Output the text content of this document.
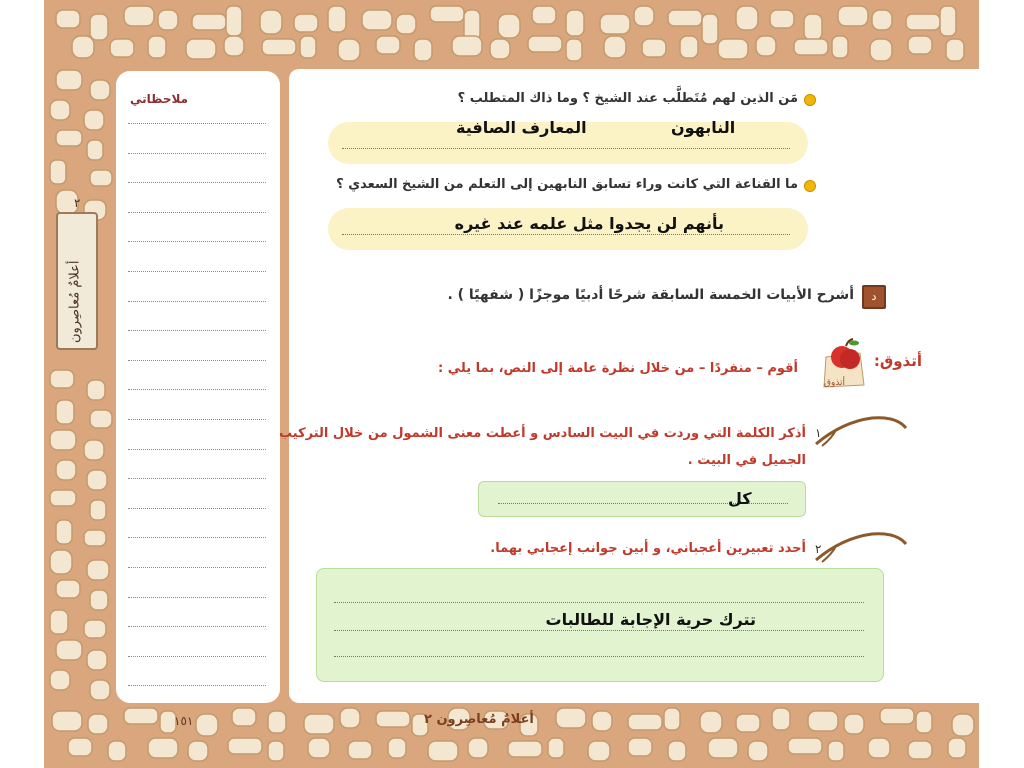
ملاحظاتي
٢
مَن الذين لهم مُتَطلَّب عند الشيخ ؟ وما ذاك المتطلب ؟
النابهون
المعارف الصافية
ما القناعة التي كانت وراء تسابق النابهين إلى التعلم من الشيخ السعدي ؟
بأنهم لن يجدوا مثل علمه عند غيره
د
أشرح الأبيات الخمسة السابقة شرحًا أدبيًا موجزًا ( شفهيًا ) .
أتذوق:
أتذوق
أقوم – منفردًا – من خلال نظرة عامة إلى النص، بما يلي :
١
أذكر الكلمة التي وردت في البيت السادس و أعطت معنى الشمول من خلال التركيب
الجميل في البيت .
كل
٢
أحدد تعبيرين أعجباني، و أبين جوانب إعجابي بهما.
تترك حرية الإجابة للطالبات
١٥١	أعلامٌ مُعاصِرون ٢
